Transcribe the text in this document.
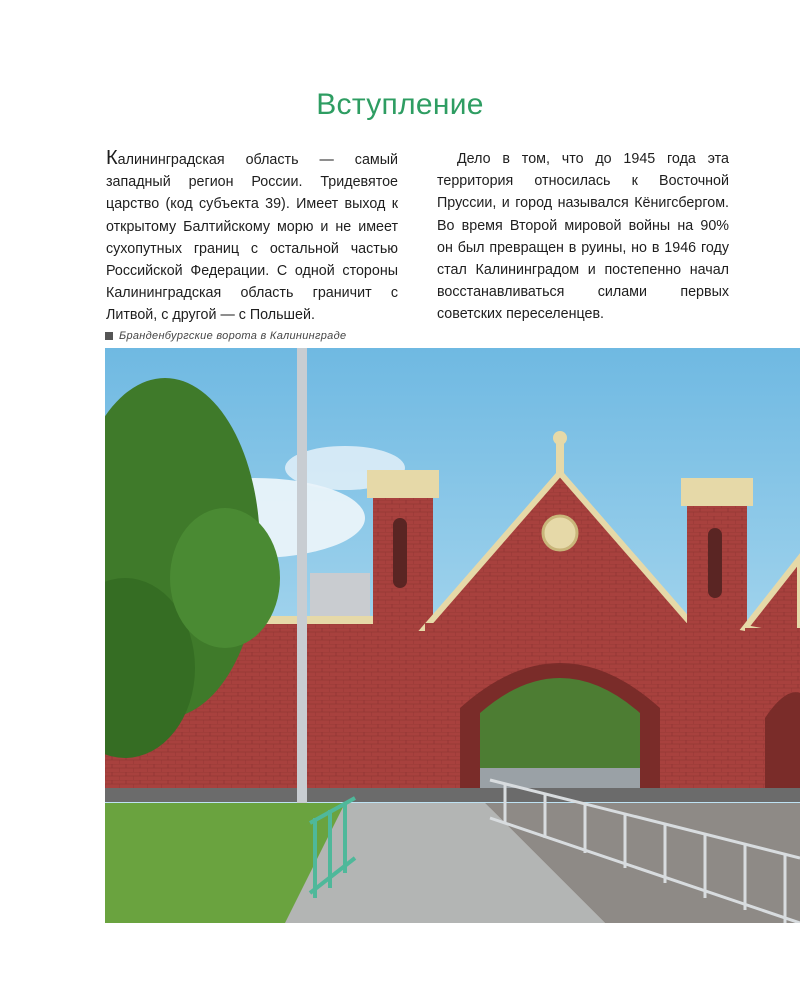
Вступление

Калининградская область — самый западный регион России. Тридевятое царство (код субъекта 39). Имеет выход к открытому Балтийскому морю и не имеет сухопутных границ с остальной частью Российской Федерации. С одной стороны Калининградская область граничит с Литвой, с другой — с Польшей.

Дело в том, что до 1945 года эта территория относилась к Восточной Пруссии, и город назывался Кёнигсбергом. Во время Второй мировой войны на 90% он был превращен в руины, но в 1946 году стал Калининградом и постепенно начал восстанавливаться силами первых советских переселенцев.

Бранденбургские ворота в Калининграде
